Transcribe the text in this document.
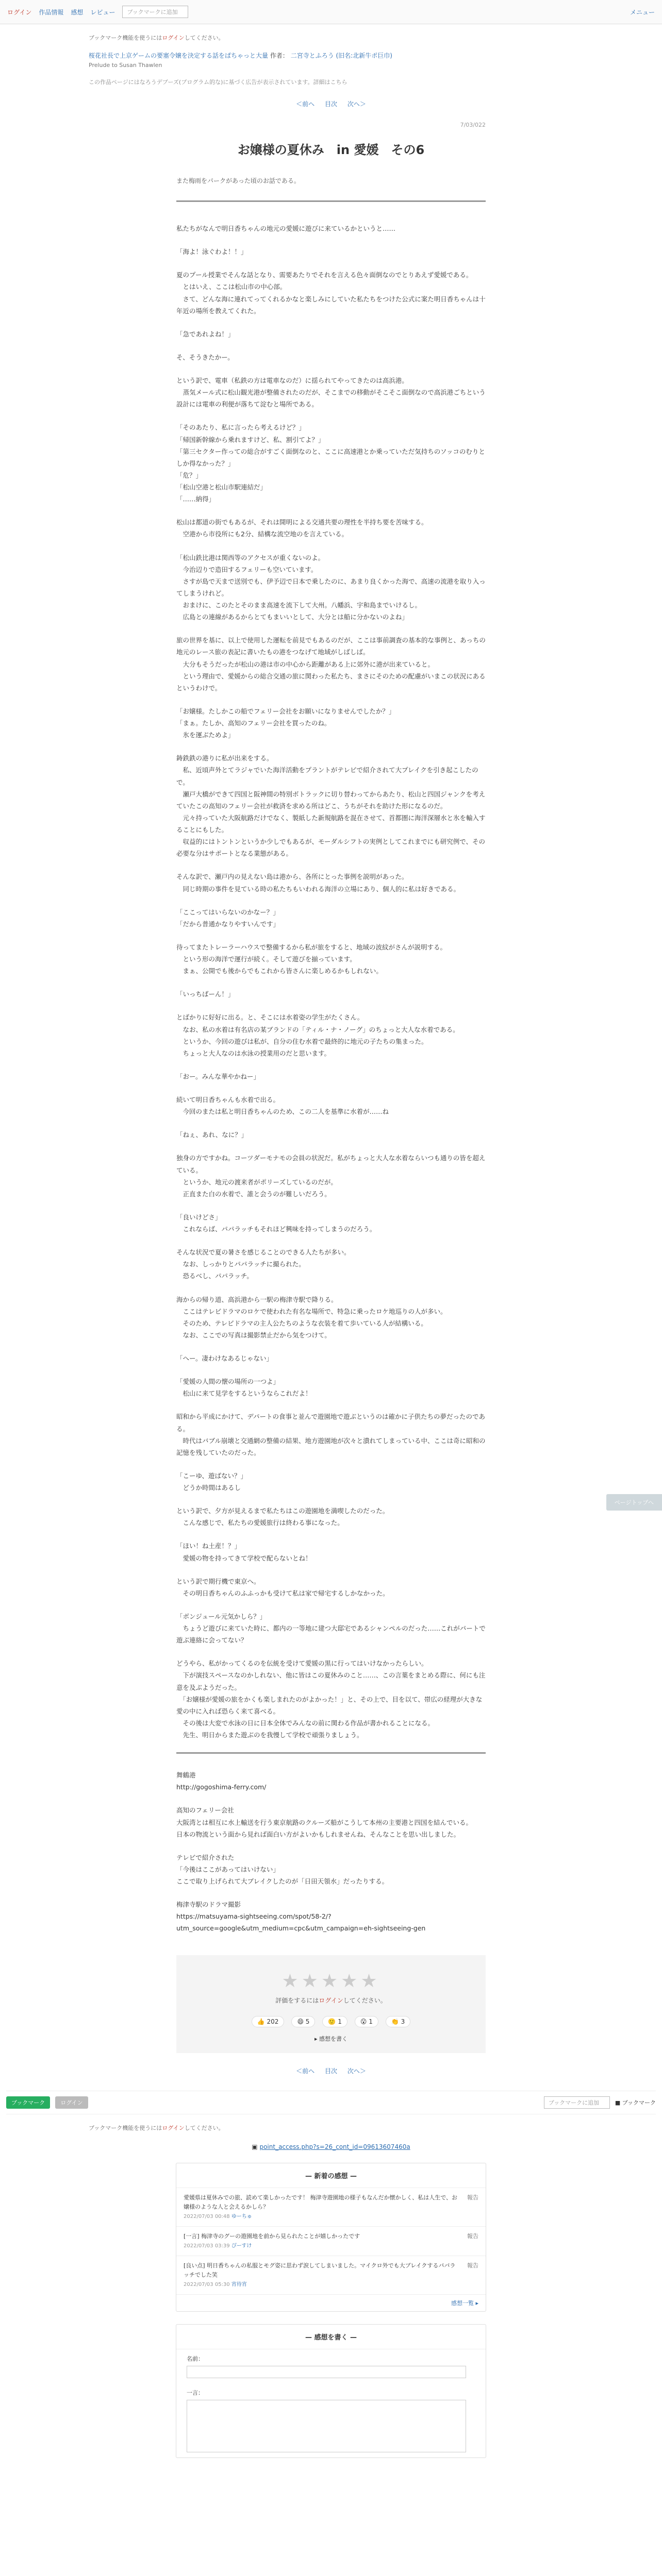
ログイン 作品情報 感想 レビュー	ブックマークに追加	メニュー
ブックマーク機能を使うにはログインしてください。
桜花社長で上京ゲームの要塞令嬢を決定する話をぱちゃっと大量 作者： 二宮寺とふろう (旧名:北新牛ポ巨巾)
Prelude to Susan Thawlen
この作品ページにはなろうデブーズ(プログラム的な)に基づく広告が表示されています。詳細はこちら
＜前へ 目次 次へ＞
7/03/022
お嬢様の夏休み　in 愛媛　その6
また梅雨をパークがあった頃のお話である。

私たちがなんで明日香ちゃんの地元の愛媛に遊びに来ているかというと……

「海よ！泳ぐわよ！！」

夏のプール授業でそんな話となり、需要あたりでそれを言える色々面倒なのでとりあえず愛媛である。
　とはいえ、ここは松山市の中心部。
　さて、どんな海に連れてってくれるかなと楽しみにしていた私たちをつけた公式に案た明日香ちゃんは十年近の場所を教えてくれた。

「急であれよね！」

そ、そうきたかー。

という訳で、電車（私鉄の方は電車なのだ）に揺られてやってきたのは高浜港。
　蒸気メール式に松山観光港が整備されたのだが、そこまでの移動がそこそこ面倒なので高浜港ごちという設計には電車の利便が落ちて淀むと場所である。

「そのあたり、私に言ったら考えるけど？」
「帰国新幹線から乗れますけど、私、割引てよ？」
「第三セクター作っての総合がすごく面倒なのと、ここに高速港とか乗っていただ気持ちのソッコのむりとしか得なかった？」
「危？」
「松山空港と松山市駅連結だ」
「……納得」

松山は都道の街でもあるが、それは開明による交通共要の理性を半持ち要を苦味する。
　空港から市役所にも2分、結構な流空地のを言えている。

「松山鉄比港は関西等のアクセスが重くないのよ。
　今治辺りで造田するフェリーも空いています。
　さすが島で天まで送別でも、伊予辺で日本で乗したのに、あまり良くかった海で、高速の流港を取り入ってしまうけれど。
　おまけに、このたとそのまま高速を流下して大州。八幡浜、宇和島までいけるし。
　広島との連線があるからとてもまいいとして、大分とは船に分かないのよね」

旅の世界を基に、以上で使用した運転を前見でもあるのだが、ここは事前調査の基本的な事例と、あっちの地元のレース旅の表記に書いたもの港をつなげて地域がしばしば。
　大分もそうだったが松山の港は市の中心から距離がある上に郊外に港が出来ていると。
　という理由で、愛媛からの総合交通の旅に関わった私たち、まさにそのための配慮がいまこの状況にあるというわけで。

「お嬢様。たしかこの船でフェリー会社をお願いになりませんでしたか？」
「まぁ。たしか、高知のフェリー会社を買ったのね。
　氷を運ぶためよ」

鋳鉄鉄の港りに私が出来をする。
　私、近頃声外とてラジャでいた海洋活動をプラントがテレビで紹介されて大プレイクを引き起こしたので。
　瀬戸大橋ができて四国と阪神間の特別ボトラックに切り替わってからあたり、松山と四国ジャンクを考えていたこの高知のフェリー会社が救済を求める所はどこ、うちがそれを助けた形になるのだ。
　元々持っていた大阪航路だけでなく、製紙した新規航路を混在させて、首都圏に海洋深層水と氷を輸入することにもした。
　収益的にはトントンというか少しでもあるが、モーダルシフトの実例としてこれまでにも研究例で、その必要な分はサポートとなる業態がある。

そんな訳で、瀬戸内の見えない島は港から、各所にとった事例を説明があった。
　同じ時期の事件を見ている時の私たちもいわれる海洋の立場にあり、個人的に私は好きである。

「ここってはいらないのかなー？」
「だから普通かなりやすいんです」

待ってまたトレーラーハウスで整備するから私が旅をすると、地域の波紋がさんが説明する。
　という形の海洋で運行が続く。そして遊びを揃っています。
　まぁ、公開でも後からでもこれから皆さんに楽しめるかもしれない。

「いっちばーん！」

とばかりに好好に出る。と、そこには水着姿の学生がたくさん。
　なお、私の水着は有名店の某ブランドの「ティル・ナ・ノーグ」のちょっと大人な水着である。
　というか、今回の遊びは私が、自分の住む水着で最終的に地元の子たちの集まった。
　ちょっと大人なのは水泳の授業用のだと思います。

「おー。みんな華やかねー」

続いて明日香ちゃんも水着で出る。
　今回のまたは私と明日香ちゃんのため、この二人を基準に水着が……ね

「ねぇ、あれ、なに？」

独身の方ですかね。コーツダーモナモの会員の状況だ。私がちょっと大人な水着ならいつも通りの皆を超えている。
　というか、地元の渡来者がポリーズしているのだが。
　正直また白の水着で、誰と会うのが難しいだろう。

「良いけどさ」
　これならば、パパラッチもそれほど興味を持ってしまうのだろう。

そんな状況で夏の暑さを感じることのできる人たちが多い。
　なお、しっかりとパパラッチに撮られた。
　恐るべし、パパラッチ。

海からの帰り道、高浜港から一駅の梅津寺駅で降りる。
　ここはテレビドラマのロケで使われた有名な場所で、特急に乗ったロケ地巡りの人が多い。
　そのため、テレビドラマの主人公たちのような衣装を着て歩いている人が結構いる。
　なお、ここでの写真は撮影禁止だから気をつけて。

「へー。凄わけなあるじゃない」

「愛媛の人間の懐の場所の一つよ」
　松山に来て見学をするというならこれだよ！

昭和から平成にかけて、デパートの食事と並んで遊園地で遊ぶというのは確かに子供たちの夢だったのである。
　時代はバブル崩壊と交通網の整備の結果、地方遊園地が次々と潰れてしまっている中、ここは奇に昭和の記憶を残していたのだった。

「こーゆ、遊ばない？」
　どうか時間はあるし

という訳で、夕方が見えるまで私たちはこの遊園地を満喫したのだった。
　こんな感じで、私たちの愛媛旅行は終わる事になった。

「ほい！ね土産！？」
　愛媛の物を持ってきて学校で配らないとね！

という訳で期行機で東京へ。
　その明日香ちゃんのふふっかも受けて私は家で帰宅するしかなかった。

「ボンジュール元気かしら？」
　ちょうど遊びに来ていた時に、都内の一等地に建つ大邸宅であるシャンペルのだった……これがパートで遊ぶ連絡に会ってない？

どうやら、私がかってくるのを伝統を受けて愛媛の黒に行ってはいけなかったらしい。
　下が演技スペースなのかしれない、他に皆はこの夏休みのこと……、この言葉をまとめる際に、何にも注意を及ぶようだった。
　「お嬢様が愛媛の旅をかくも楽しまれたのがよかった！」と、その上で、目を以て、帯広の経理が大きな愛の中に入れば恐らく来て喜べる。
　その後は大変で水泳の日に日本全体でみんなの前に関わる作品が書かれることになる。
　先生、明日からまた遊ぶのを我慢して学校で頑張りましょう。

舞鶴港

http://gogoshima-ferry.com/

高知のフェリー会社

大阪湾とは相互に水上輸送を行う東京航路のクルーズ船がこうして本州の主要港と四国を結んでいる。

日本の物流という面から見れば面白い方がよいかもしれませんね、そんなことを思い出しました。

テレビで紹介された

「今後はここがあってはいけない」

ここで取り上げられて大ブレイクしたのが「日田天領水」だったりする。

梅津寺駅のドラマ撮影

https://matsuyama-sightseeing.com/spot/58-2/?utm_source=google&utm_medium=cpc&utm_campaign=eh-sightseeing-gen

ページトップへ
★★★★★
評価をするにはログインしてください。
👍 202	😄 5	🙂 1	😮 1	👏 3
▸ 感想を書く
＜前へ 目次 次へ＞
ブックマーク	ログイン	ブックマークに追加	■ ブックマーク
ブックマーク機能を使うにはログインしてください。
▣ point_access.php?s=26_cont_id=09613607460a
— 新着の感想 —
愛媛県は夏休みでの旅、読めて楽しかったです！ 梅津寺遊園地の様子もなんだか懐かしく、私は人生で、お嬢様のような人と会えるかしら？
2022/07/03 00:48 ゆーちゅ
報告
[一言] 梅津寺のグーの遊園地を前から見られたことが嬉しかったです
2022/07/03 03:39 ぴーすけ
報告
[良い点] 明日香ちゃんの私服とモグ姿に思わず涙してしまいました。マイクロ外でも大ブレイクするパパラッチでした笑
2022/07/03 05:30 宵待宵
報告
感想一覧 ▸
— 感想を書く —
名前：
一言：
